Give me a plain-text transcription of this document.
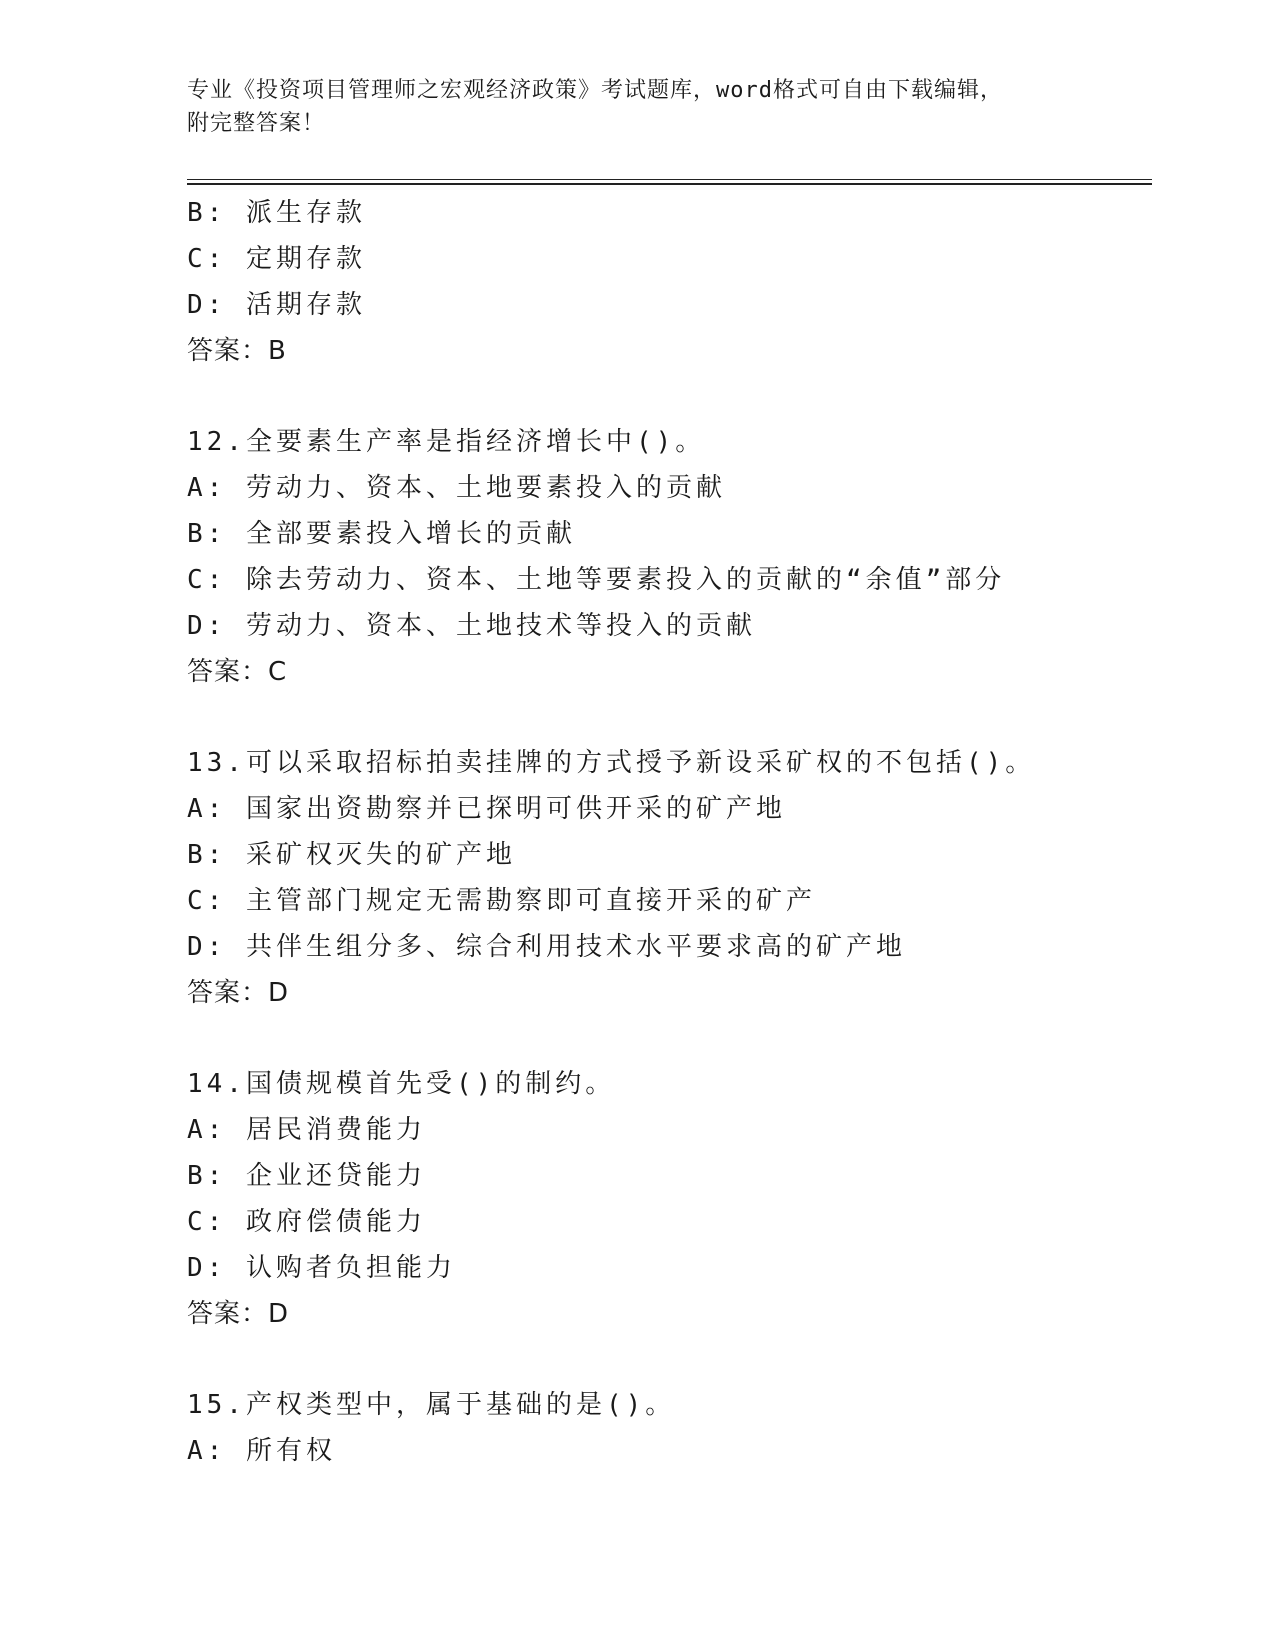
专业《投资项目管理师之宏观经济政策》考试题库，word格式可自由下载编辑，
附完整答案！
B: 派生存款
C: 定期存款
D: 活期存款
答案：B
12.全要素生产率是指经济增长中()。
A: 劳动力、资本、土地要素投入的贡献
B: 全部要素投入增长的贡献
C: 除去劳动力、资本、土地等要素投入的贡献的“余值”部分
D: 劳动力、资本、土地技术等投入的贡献
答案：C
13.可以采取招标拍卖挂牌的方式授予新设采矿权的不包括()。
A: 国家出资勘察并已探明可供开采的矿产地
B: 采矿权灭失的矿产地
C: 主管部门规定无需勘察即可直接开采的矿产
D: 共伴生组分多、综合利用技术水平要求高的矿产地
答案：D
14.国债规模首先受()的制约。
A: 居民消费能力
B: 企业还贷能力
C: 政府偿债能力
D: 认购者负担能力
答案：D
15.产权类型中，属于基础的是()。
A: 所有权
